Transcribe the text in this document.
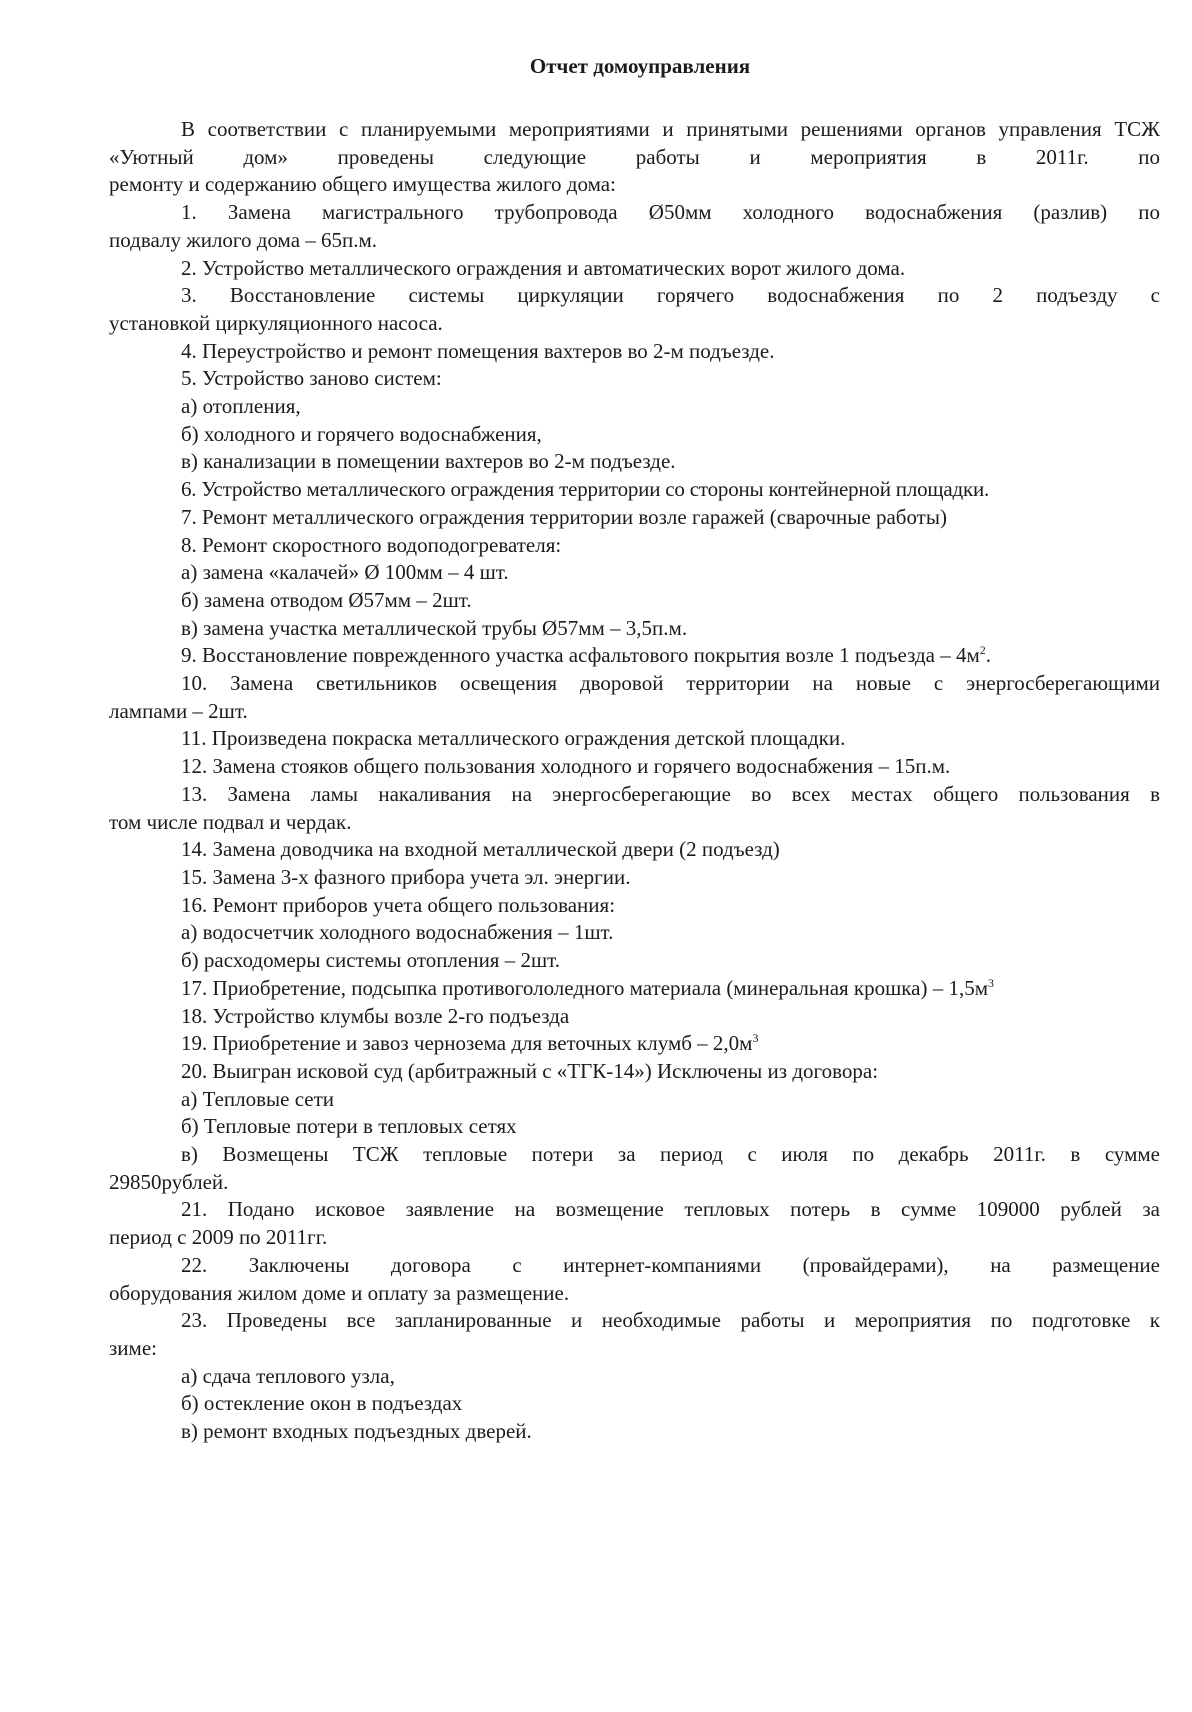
Отчет домоуправления

В соответствии с планируемыми мероприятиями и принятыми решениями органов управления ТСЖ «Уютный дом» проведены следующие работы и мероприятия в 2011г. по

ремонту и содержанию общего имущества жилого дома:

1. Замена магистрального трубопровода Ø50мм холодного водоснабжения (разлив) по

подвалу жилого дома – 65п.м.

2. Устройство металлического ограждения и автоматических ворот жилого дома.

3. Восстановление системы циркуляции горячего водоснабжения по 2 подъезду с

установкой циркуляционного насоса.

4. Переустройство и ремонт помещения вахтеров во 2-м подъезде.

5. Устройство заново систем:

а) отопления,

б) холодного и горячего водоснабжения,

в) канализации в помещении вахтеров во 2-м подъезде.

6. Устройство металлического ограждения территории со стороны контейнерной площадки.

7. Ремонт металлического ограждения территории возле гаражей (сварочные работы)

8. Ремонт скоростного водоподогревателя:

а) замена «калачей» Ø 100мм – 4 шт.

б) замена отводом Ø57мм – 2шт.

в) замена участка металлической трубы Ø57мм – 3,5п.м.

9. Восстановление поврежденного участка асфальтового покрытия возле 1 подъезда – $4м^2$.

10. Замена светильников освещения дворовой территории на новые с энергосберегающими

лампами – 2шт.

11. Произведена покраска металлического ограждения детской площадки.

12. Замена стояков общего пользования холодного и горячего водоснабжения – 15п.м.

13. Замена ламы накаливания на энергосберегающие во всех местах общего пользования в

том числе подвал и чердак.

14. Замена доводчика на входной металлической двери (2 подъезд)

15. Замена 3-х фазного прибора учета эл. энергии.

16. Ремонт приборов учета общего пользования:

а) водосчетчик холодного водоснабжения – 1шт.

б) расходомеры системы отопления – 2шт.

17. Приобретение, подсыпка противогололедного материала (минеральная крошка) – $1,5м^3$

18. Устройство клумбы возле 2-го подъезда

19. Приобретение и завоз чернозема для веточных клумб – $2,0м^3$

20. Выигран исковой суд (арбитражный с «ТГК-14») Исключены из договора:

а) Тепловые сети

б) Тепловые потери в тепловых сетях

в) Возмещены ТСЖ тепловые потери за период с июля по декабрь 2011г. в сумме

29850рублей.

21. Подано исковое заявление на возмещение тепловых потерь в сумме 109000 рублей за

период с 2009 по 2011гг.

22. Заключены договора с интернет-компаниями (провайдерами), на размещение

оборудования жилом доме и оплату за размещение.

23. Проведены все запланированные и необходимые работы и мероприятия по подготовке к

зиме:

а) сдача теплового узла,

б) остекление окон в подъездах

в) ремонт входных подъездных дверей.
